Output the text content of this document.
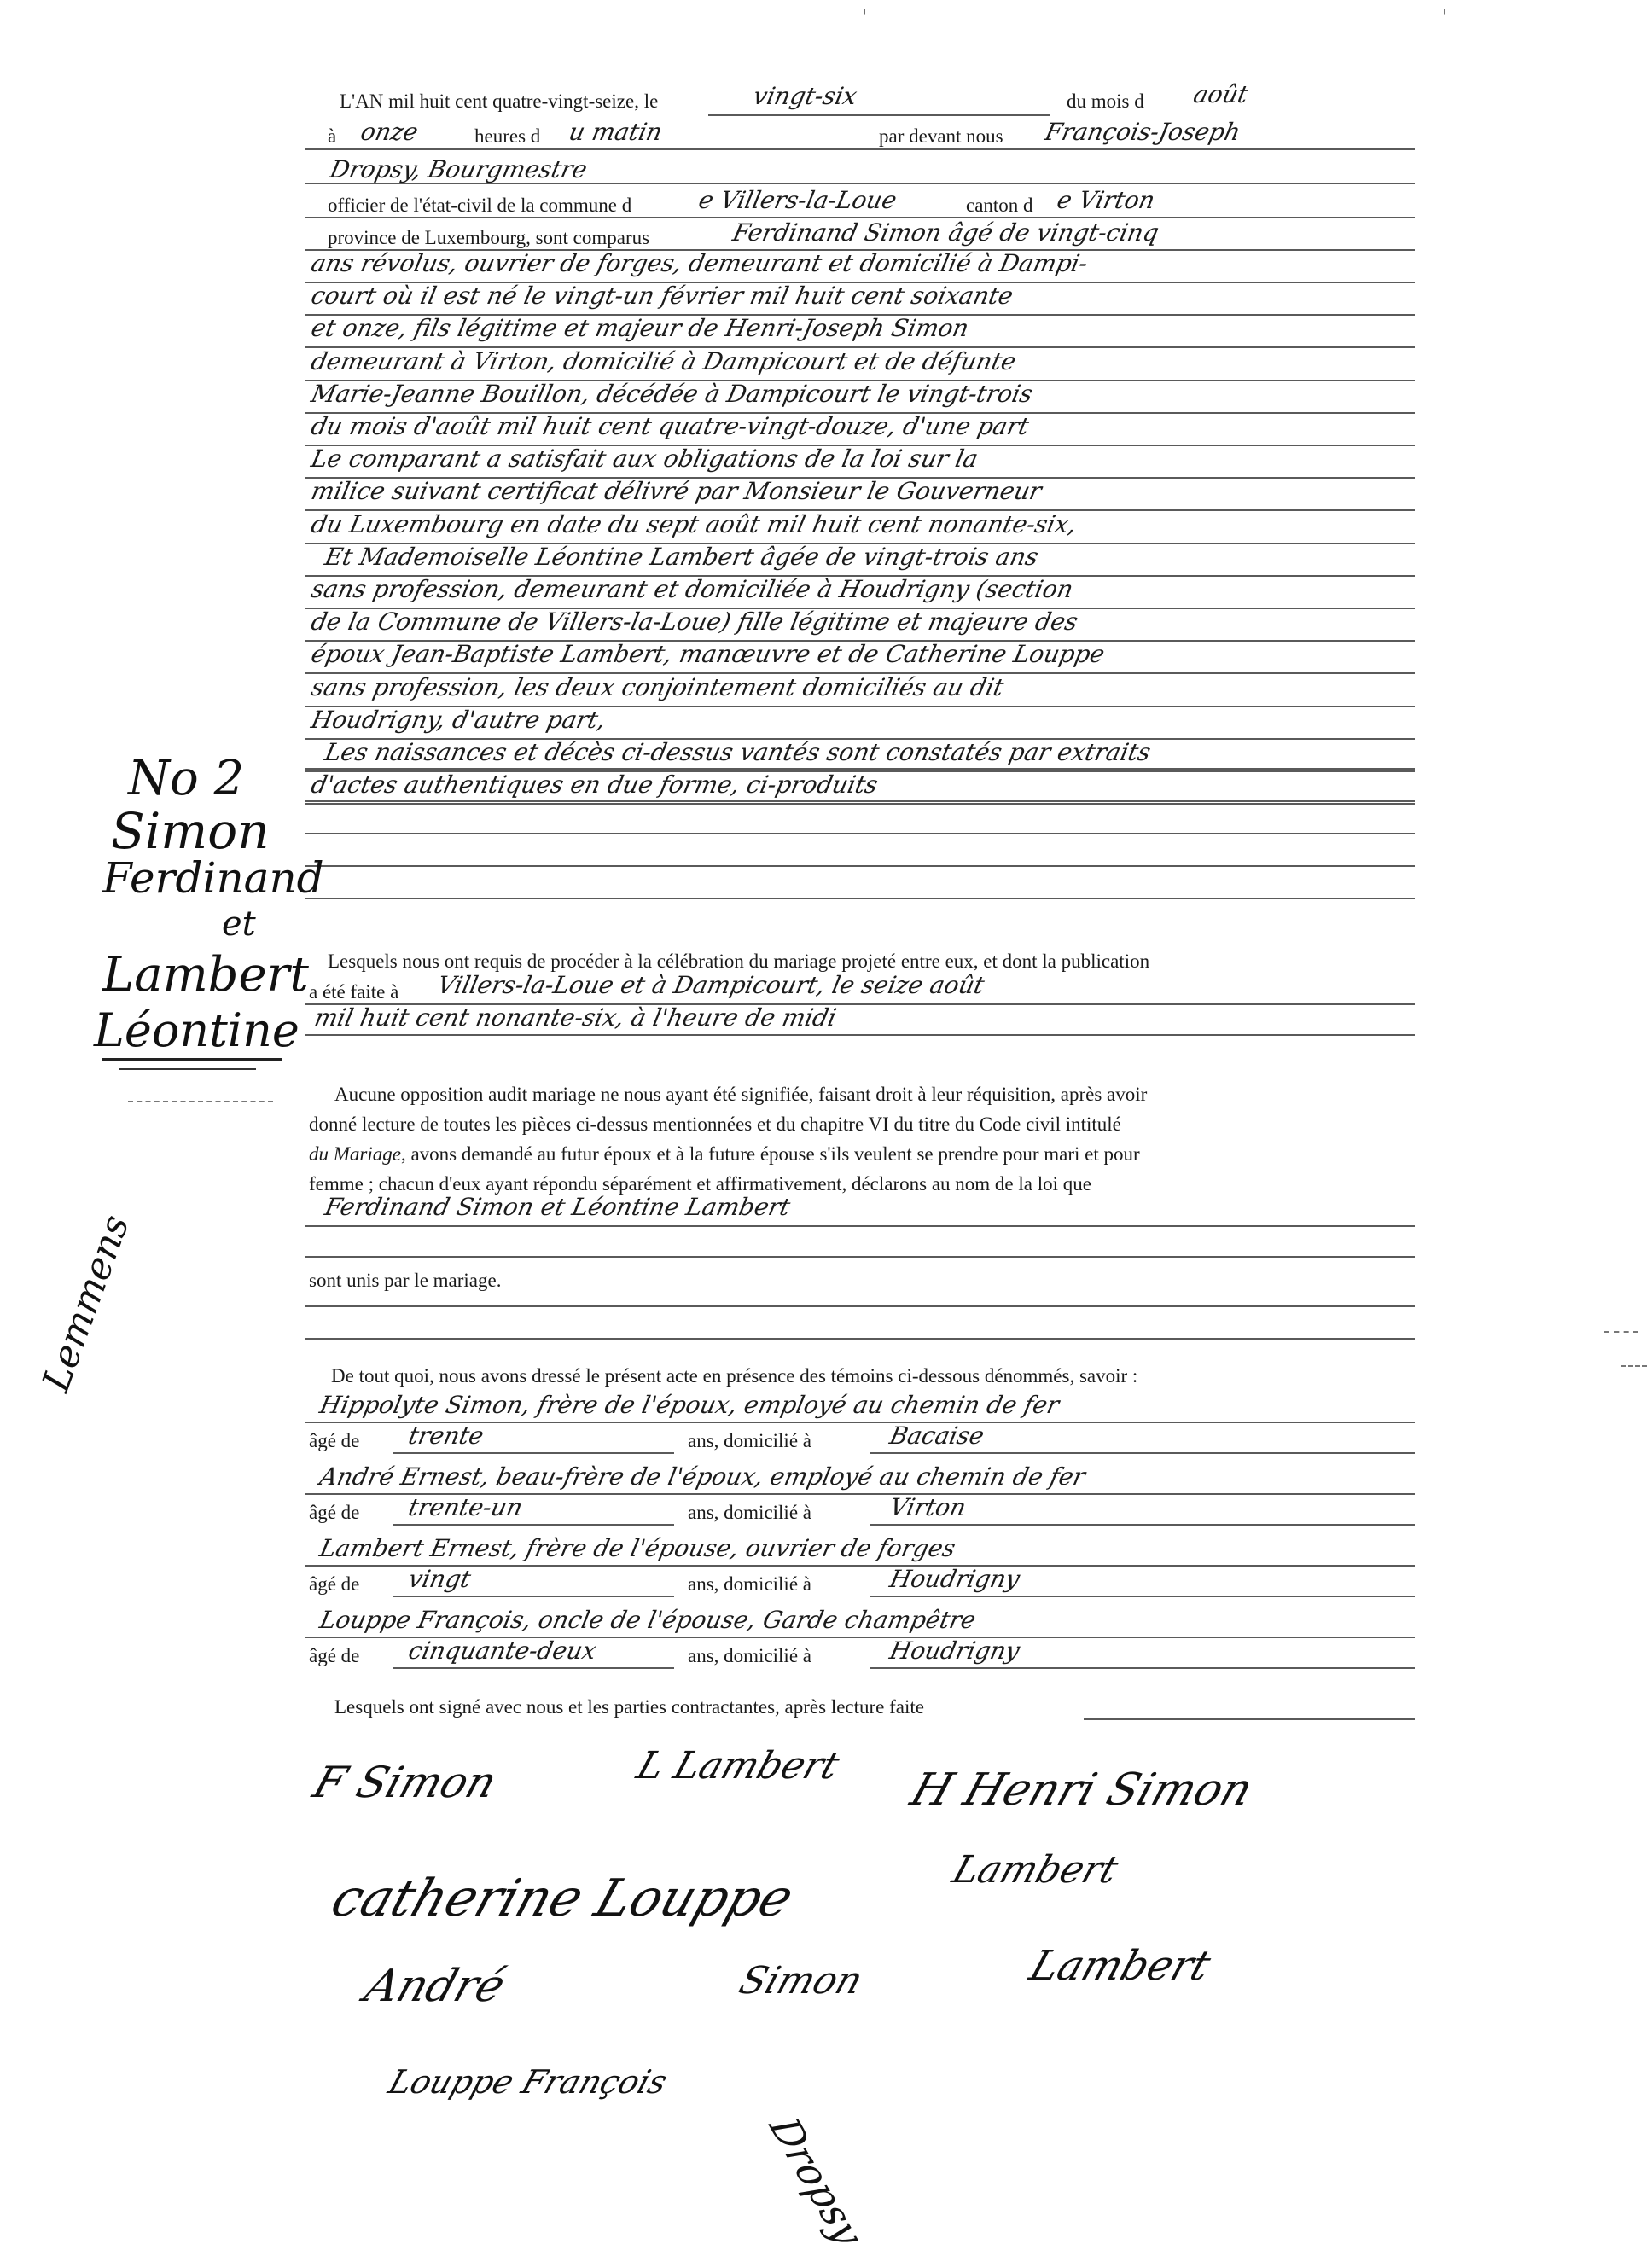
L'AN mil huit cent quatre-vingt-seize, le	vingt-six	du mois d août
à onze	heures d u matin	par devant nous François-Joseph
Dropsy, Bourgmestre
officier de l'état-civil de la commune d	e Villers-la-Loue	canton d e Virton
province de Luxembourg, sont comparus	Ferdinand Simon âgé de vingt-cinq
ans révolus, ouvrier de forges, demeurant et domicilié à Dampi-
court où il est né le vingt-un février mil huit cent soixante
et onze, fils légitime et majeur de Henri-Joseph Simon
demeurant à Virton, domicilié à Dampicourt et de défunte
Marie-Jeanne Bouillon, décédée à Dampicourt le vingt-trois
du mois d'août mil huit cent quatre-vingt-douze, d'une part
Le comparant a satisfait aux obligations de la loi sur la
milice suivant certificat délivré par Monsieur le Gouverneur
du Luxembourg en date du sept août mil huit cent nonante-six,
Et Mademoiselle Léontine Lambert âgée de vingt-trois ans
sans profession, demeurant et domiciliée à Houdrigny (section
de la Commune de Villers-la-Loue) fille légitime et majeure des
époux Jean-Baptiste Lambert, manœuvre et de Catherine Louppe
sans profession, les deux conjointement domiciliés au dit
Houdrigny, d'autre part,
Les naissances et décès ci-dessus vantés sont constatés par extraits
d'actes authentiques en due forme, ci-produits
Lesquels nous ont requis de procéder à la célébration du mariage projeté entre eux, et dont la publication
a été faite à Villers-la-Loue et à Dampicourt, le seize août
mil huit cent nonante-six, à l'heure de midi
Aucune opposition audit mariage ne nous ayant été signifiée, faisant droit à leur réquisition, après avoir
donné lecture de toutes les pièces ci-dessus mentionnées et du chapitre VI du titre du Code civil intitulé
du Mariage, avons demandé au futur époux et à la future épouse s'ils veulent se prendre pour mari et pour
femme ; chacun d'eux ayant répondu séparément et affirmativement, déclarons au nom de la loi que
Ferdinand Simon et Léontine Lambert
sont unis par le mariage.
De tout quoi, nous avons dressé le présent acte en présence des témoins ci-dessous dénommés, savoir :
Hippolyte Simon, frère de l'époux, employé au chemin de fer
âgé de trente	ans, domicilié à	Bacaise
André Ernest, beau-frère de l'époux, employé au chemin de fer
âgé de trente-un	ans, domicilié à	Virton
Lambert Ernest, frère de l'épouse, ouvrier de forges
âgé de vingt	ans, domicilié à	Houdrigny
Louppe François, oncle de l'épouse, Garde champêtre
âgé de cinquante-deux	ans, domicilié à	Houdrigny
Lesquels ont signé avec nous et les parties contractantes, après lecture faite
F Simon	L Lambert H Henri Simon
catherine Louppe	Lambert
André	Simon	Lambert
Louppe François
Dropsy
No 2
Simon
Ferdinand
et
Lambert
Léontine
Lemmens
'	'
